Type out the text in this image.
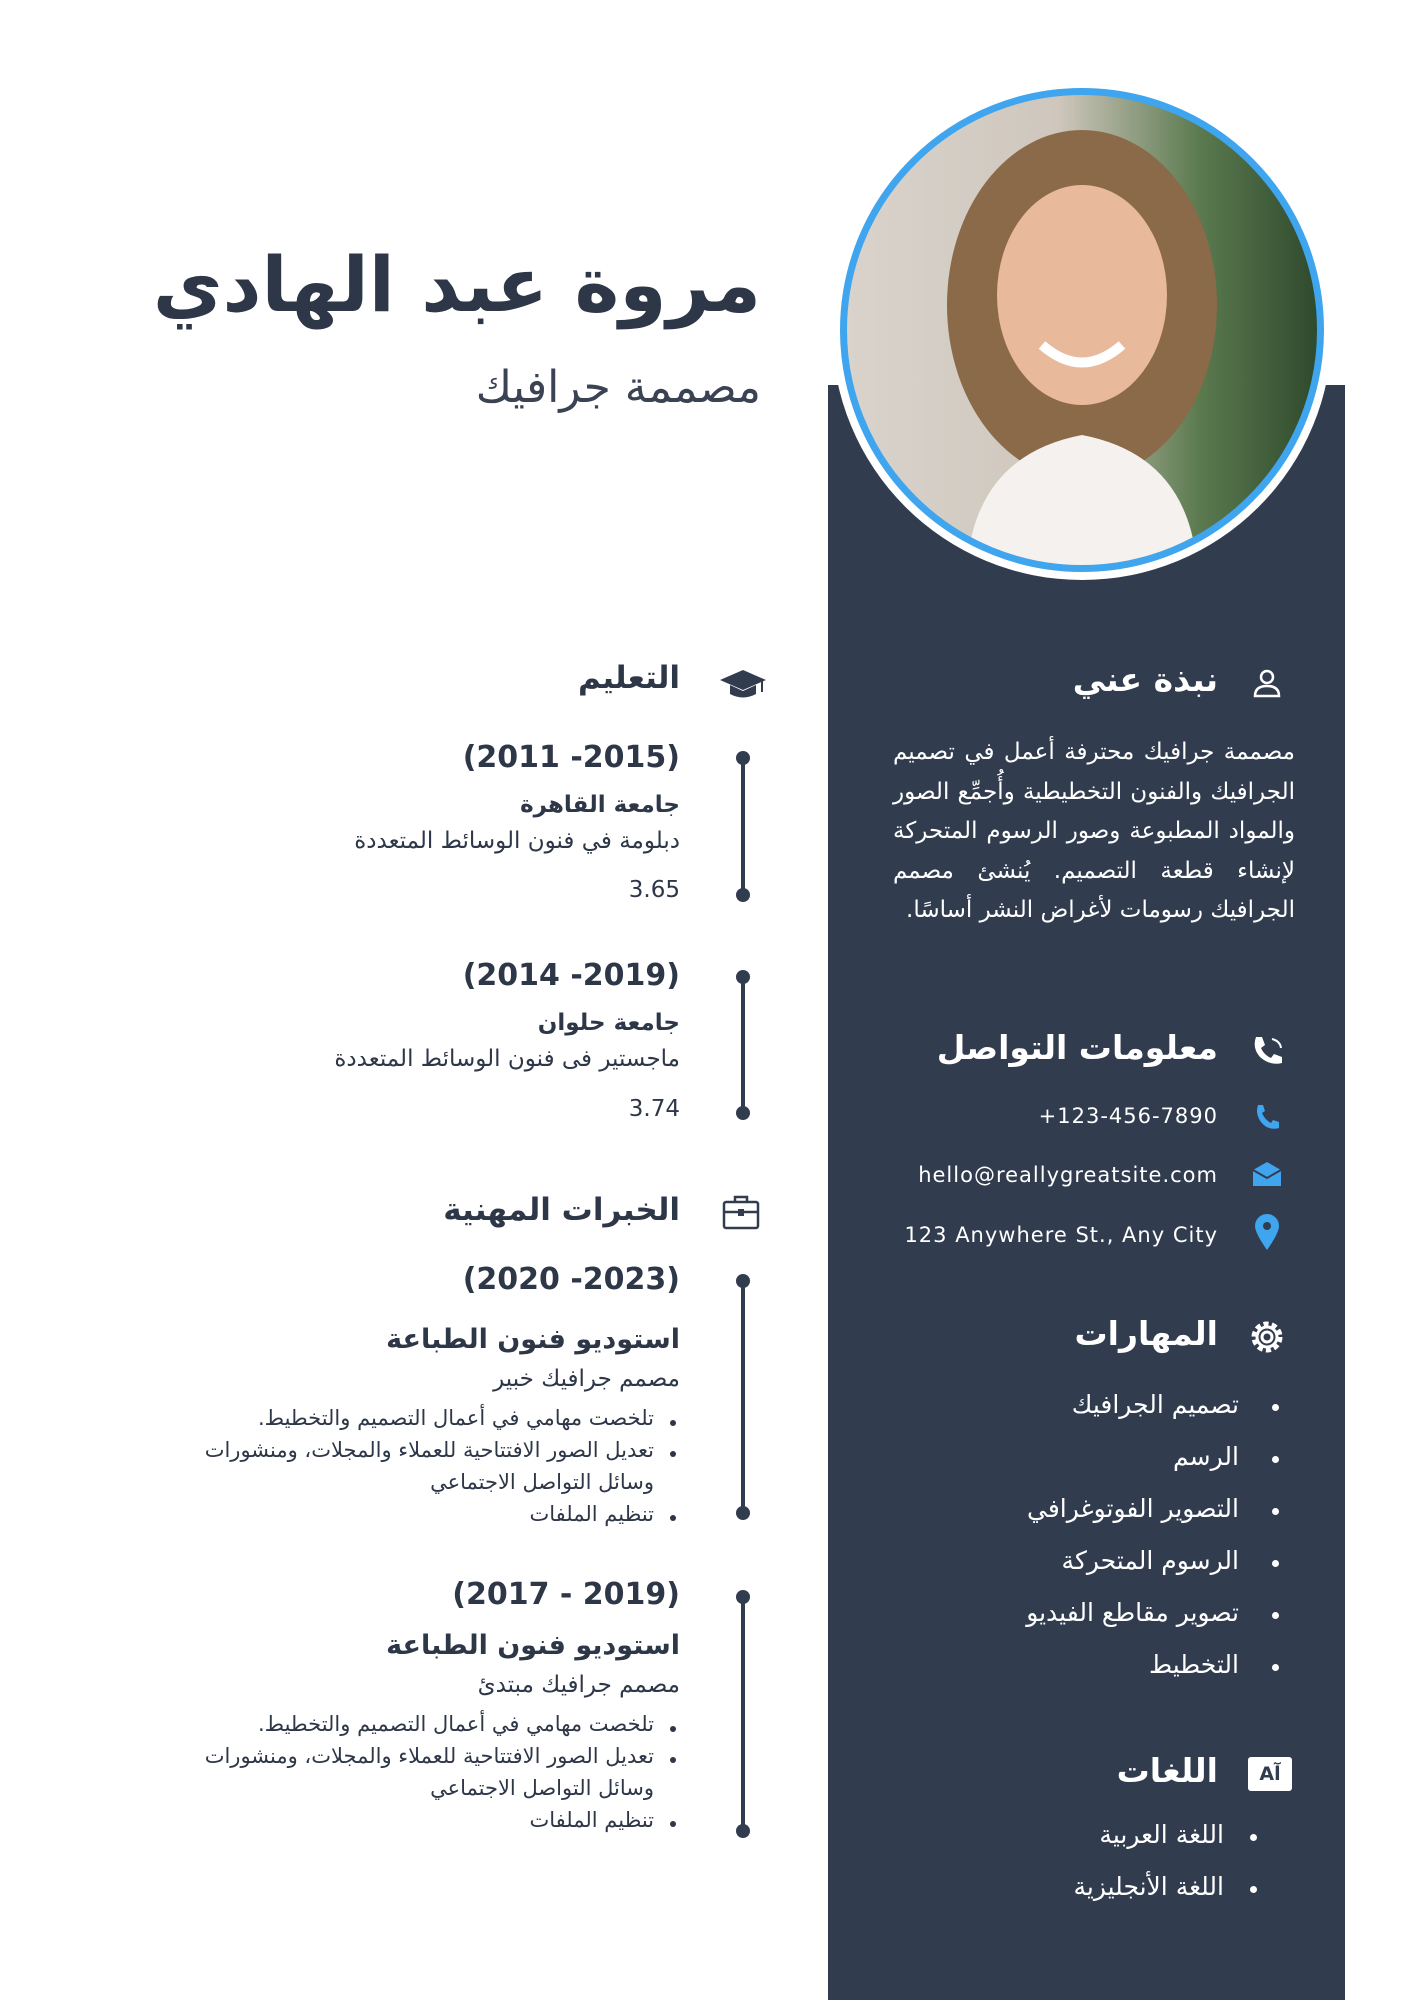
مروة عبد الهادي
مصممة جرافيك
التعليم
(2011 -2015)
جامعة القاهرة
دبلومة في فنون الوسائط المتعددة
3.65
(2014 -2019)
جامعة حلوان
ماجستير فى فنون الوسائط المتعددة
3.74
الخبرات المهنية
(2020 -2023)
استوديو فنون الطباعة
مصمم جرافيك خبير
تلخصت مهامي في أعمال التصميم والتخطيط.
تعديل الصور الافتتاحية للعملاء والمجلات، ومنشورات
وسائل التواصل الاجتماعي
تنظيم الملفات
(2017 - 2019)
استوديو فنون الطباعة
مصمم جرافيك مبتدئ
تلخصت مهامي في أعمال التصميم والتخطيط.
تعديل الصور الافتتاحية للعملاء والمجلات، ومنشورات
وسائل التواصل الاجتماعي
تنظيم الملفات
نبذة عني
مصممة جرافيك محترفة أعمل في تصميم الجرافيك والفنون التخطيطية وأُجمِّع الصور والمواد المطبوعة وصور الرسوم المتحركة لإنشاء قطعة التصميم. يُنشئ مصمم الجرافيك رسومات لأغراض النشر أساسًا.
معلومات التواصل
+123-456-7890
hello@reallygreatsite.com
123 Anywhere St., Any City
المهارات
تصميم الجرافيك
الرسم
التصوير الفوتوغرافي
الرسوم المتحركة
تصوير مقاطع الفيديو
التخطيط
اللغات	Aآ
اللغة العربية
اللغة الأنجليزية
